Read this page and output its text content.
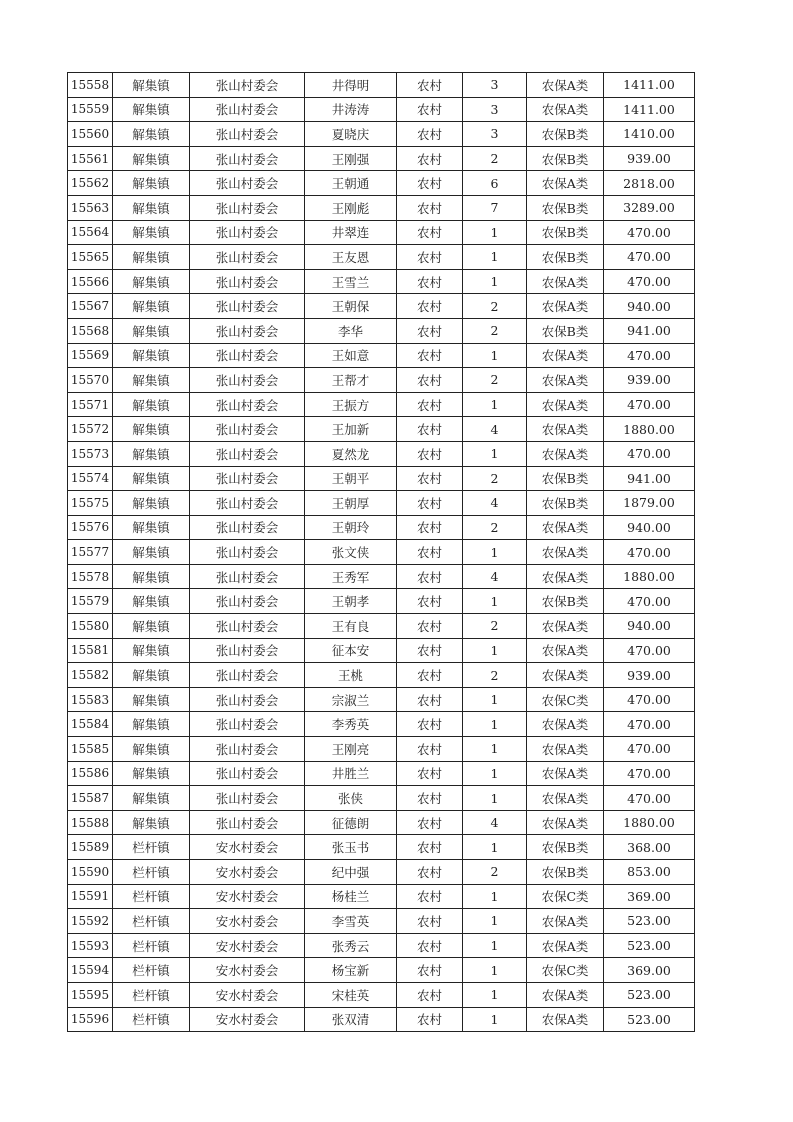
15558	解集镇	张山村委会	井得明	农村	3	农保A类	1411.00
15559	解集镇	张山村委会	井涛涛	农村	3	农保A类	1411.00
15560	解集镇	张山村委会	夏晓庆	农村	3	农保B类	1410.00
15561	解集镇	张山村委会	王刚强	农村	2	农保B类	939.00
15562	解集镇	张山村委会	王朝通	农村	6	农保A类	2818.00
15563	解集镇	张山村委会	王刚彪	农村	7	农保B类	3289.00
15564	解集镇	张山村委会	井翠连	农村	1	农保B类	470.00
15565	解集镇	张山村委会	王友恩	农村	1	农保B类	470.00
15566	解集镇	张山村委会	王雪兰	农村	1	农保A类	470.00
15567	解集镇	张山村委会	王朝保	农村	2	农保A类	940.00
15568	解集镇	张山村委会	李华	农村	2	农保B类	941.00
15569	解集镇	张山村委会	王如意	农村	1	农保A类	470.00
15570	解集镇	张山村委会	王帮才	农村	2	农保A类	939.00
15571	解集镇	张山村委会	王振方	农村	1	农保A类	470.00
15572	解集镇	张山村委会	王加新	农村	4	农保A类	1880.00
15573	解集镇	张山村委会	夏然龙	农村	1	农保A类	470.00
15574	解集镇	张山村委会	王朝平	农村	2	农保B类	941.00
15575	解集镇	张山村委会	王朝厚	农村	4	农保B类	1879.00
15576	解集镇	张山村委会	王朝玲	农村	2	农保A类	940.00
15577	解集镇	张山村委会	张文侠	农村	1	农保A类	470.00
15578	解集镇	张山村委会	王秀军	农村	4	农保A类	1880.00
15579	解集镇	张山村委会	王朝孝	农村	1	农保B类	470.00
15580	解集镇	张山村委会	王有良	农村	2	农保A类	940.00
15581	解集镇	张山村委会	征本安	农村	1	农保A类	470.00
15582	解集镇	张山村委会	王桃	农村	2	农保A类	939.00
15583	解集镇	张山村委会	宗淑兰	农村	1	农保C类	470.00
15584	解集镇	张山村委会	李秀英	农村	1	农保A类	470.00
15585	解集镇	张山村委会	王刚亮	农村	1	农保A类	470.00
15586	解集镇	张山村委会	井胜兰	农村	1	农保A类	470.00
15587	解集镇	张山村委会	张侠	农村	1	农保A类	470.00
15588	解集镇	张山村委会	征德朗	农村	4	农保A类	1880.00
15589	栏杆镇	安水村委会	张玉书	农村	1	农保B类	368.00
15590	栏杆镇	安水村委会	纪中强	农村	2	农保B类	853.00
15591	栏杆镇	安水村委会	杨桂兰	农村	1	农保C类	369.00
15592	栏杆镇	安水村委会	李雪英	农村	1	农保A类	523.00
15593	栏杆镇	安水村委会	张秀云	农村	1	农保A类	523.00
15594	栏杆镇	安水村委会	杨宝新	农村	1	农保C类	369.00
15595	栏杆镇	安水村委会	宋桂英	农村	1	农保A类	523.00
15596	栏杆镇	安水村委会	张双清	农村	1	农保A类	523.00
